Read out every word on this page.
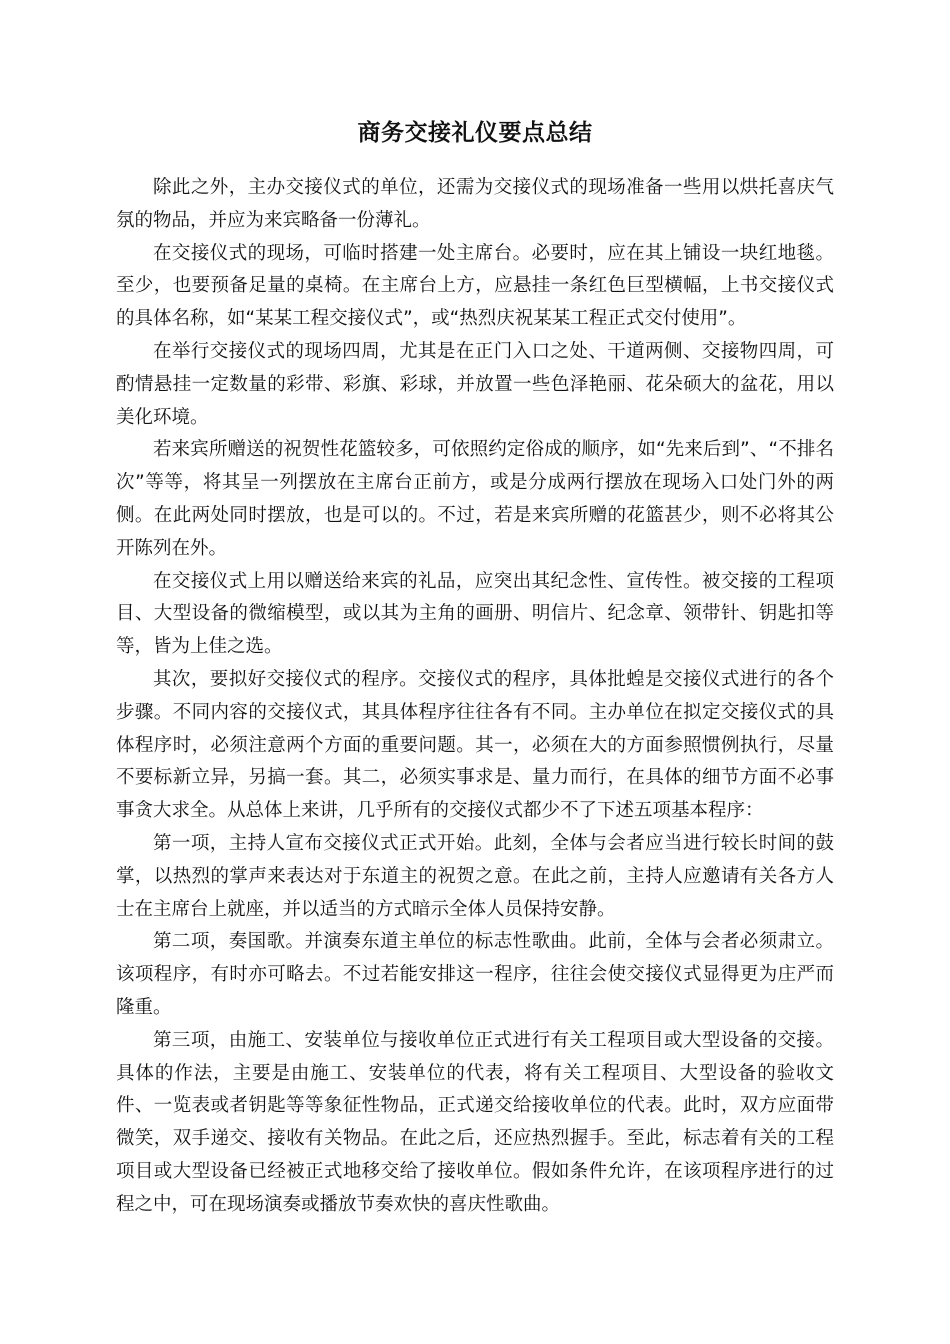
商务交接礼仪要点总结

除此之外，主办交接仪式的单位，还需为交接仪式的现场准备一些用以烘托喜庆气氛的物品，并应为来宾略备一份薄礼。

在交接仪式的现场，可临时搭建一处主席台。必要时，应在其上铺设一块红地毯。至少，也要预备足量的桌椅。在主席台上方，应悬挂一条红色巨型横幅，上书交接仪式的具体名称，如“某某工程交接仪式”，或“热烈庆祝某某工程正式交付使用”。

在举行交接仪式的现场四周，尤其是在正门入口之处、干道两侧、交接物四周，可酌情悬挂一定数量的彩带、彩旗、彩球，并放置一些色泽艳丽、花朵硕大的盆花，用以美化环境。

若来宾所赠送的祝贺性花篮较多，可依照约定俗成的顺序，如“先来后到”、“不排名次”等等，将其呈一列摆放在主席台正前方，或是分成两行摆放在现场入口处门外的两侧。在此两处同时摆放，也是可以的。不过，若是来宾所赠的花篮甚少，则不必将其公开陈列在外。

在交接仪式上用以赠送给来宾的礼品，应突出其纪念性、宣传性。被交接的工程项目、大型设备的微缩模型，或以其为主角的画册、明信片、纪念章、领带针、钥匙扣等等，皆为上佳之选。

其次，要拟好交接仪式的程序。交接仪式的程序，具体批蝗是交接仪式进行的各个步骤。不同内容的交接仪式，其具体程序往往各有不同。主办单位在拟定交接仪式的具体程序时，必须注意两个方面的重要问题。其一，必须在大的方面参照惯例执行，尽量不要标新立异，另搞一套。其二，必须实事求是、量力而行，在具体的细节方面不必事事贪大求全。从总体上来讲，几乎所有的交接仪式都少不了下述五项基本程序：

第一项，主持人宣布交接仪式正式开始。此刻，全体与会者应当进行较长时间的鼓掌，以热烈的掌声来表达对于东道主的祝贺之意。在此之前，主持人应邀请有关各方人士在主席台上就座，并以适当的方式暗示全体人员保持安静。

第二项，奏国歌。并演奏东道主单位的标志性歌曲。此前，全体与会者必须肃立。该项程序，有时亦可略去。不过若能安排这一程序，往往会使交接仪式显得更为庄严而隆重。

第三项，由施工、安装单位与接收单位正式进行有关工程项目或大型设备的交接。具体的作法，主要是由施工、安装单位的代表，将有关工程项目、大型设备的验收文件、一览表或者钥匙等等象征性物品，正式递交给接收单位的代表。此时，双方应面带微笑，双手递交、接收有关物品。在此之后，还应热烈握手。至此，标志着有关的工程项目或大型设备已经被正式地移交给了接收单位。假如条件允许，在该项程序进行的过程之中，可在现场演奏或播放节奏欢快的喜庆性歌曲。
